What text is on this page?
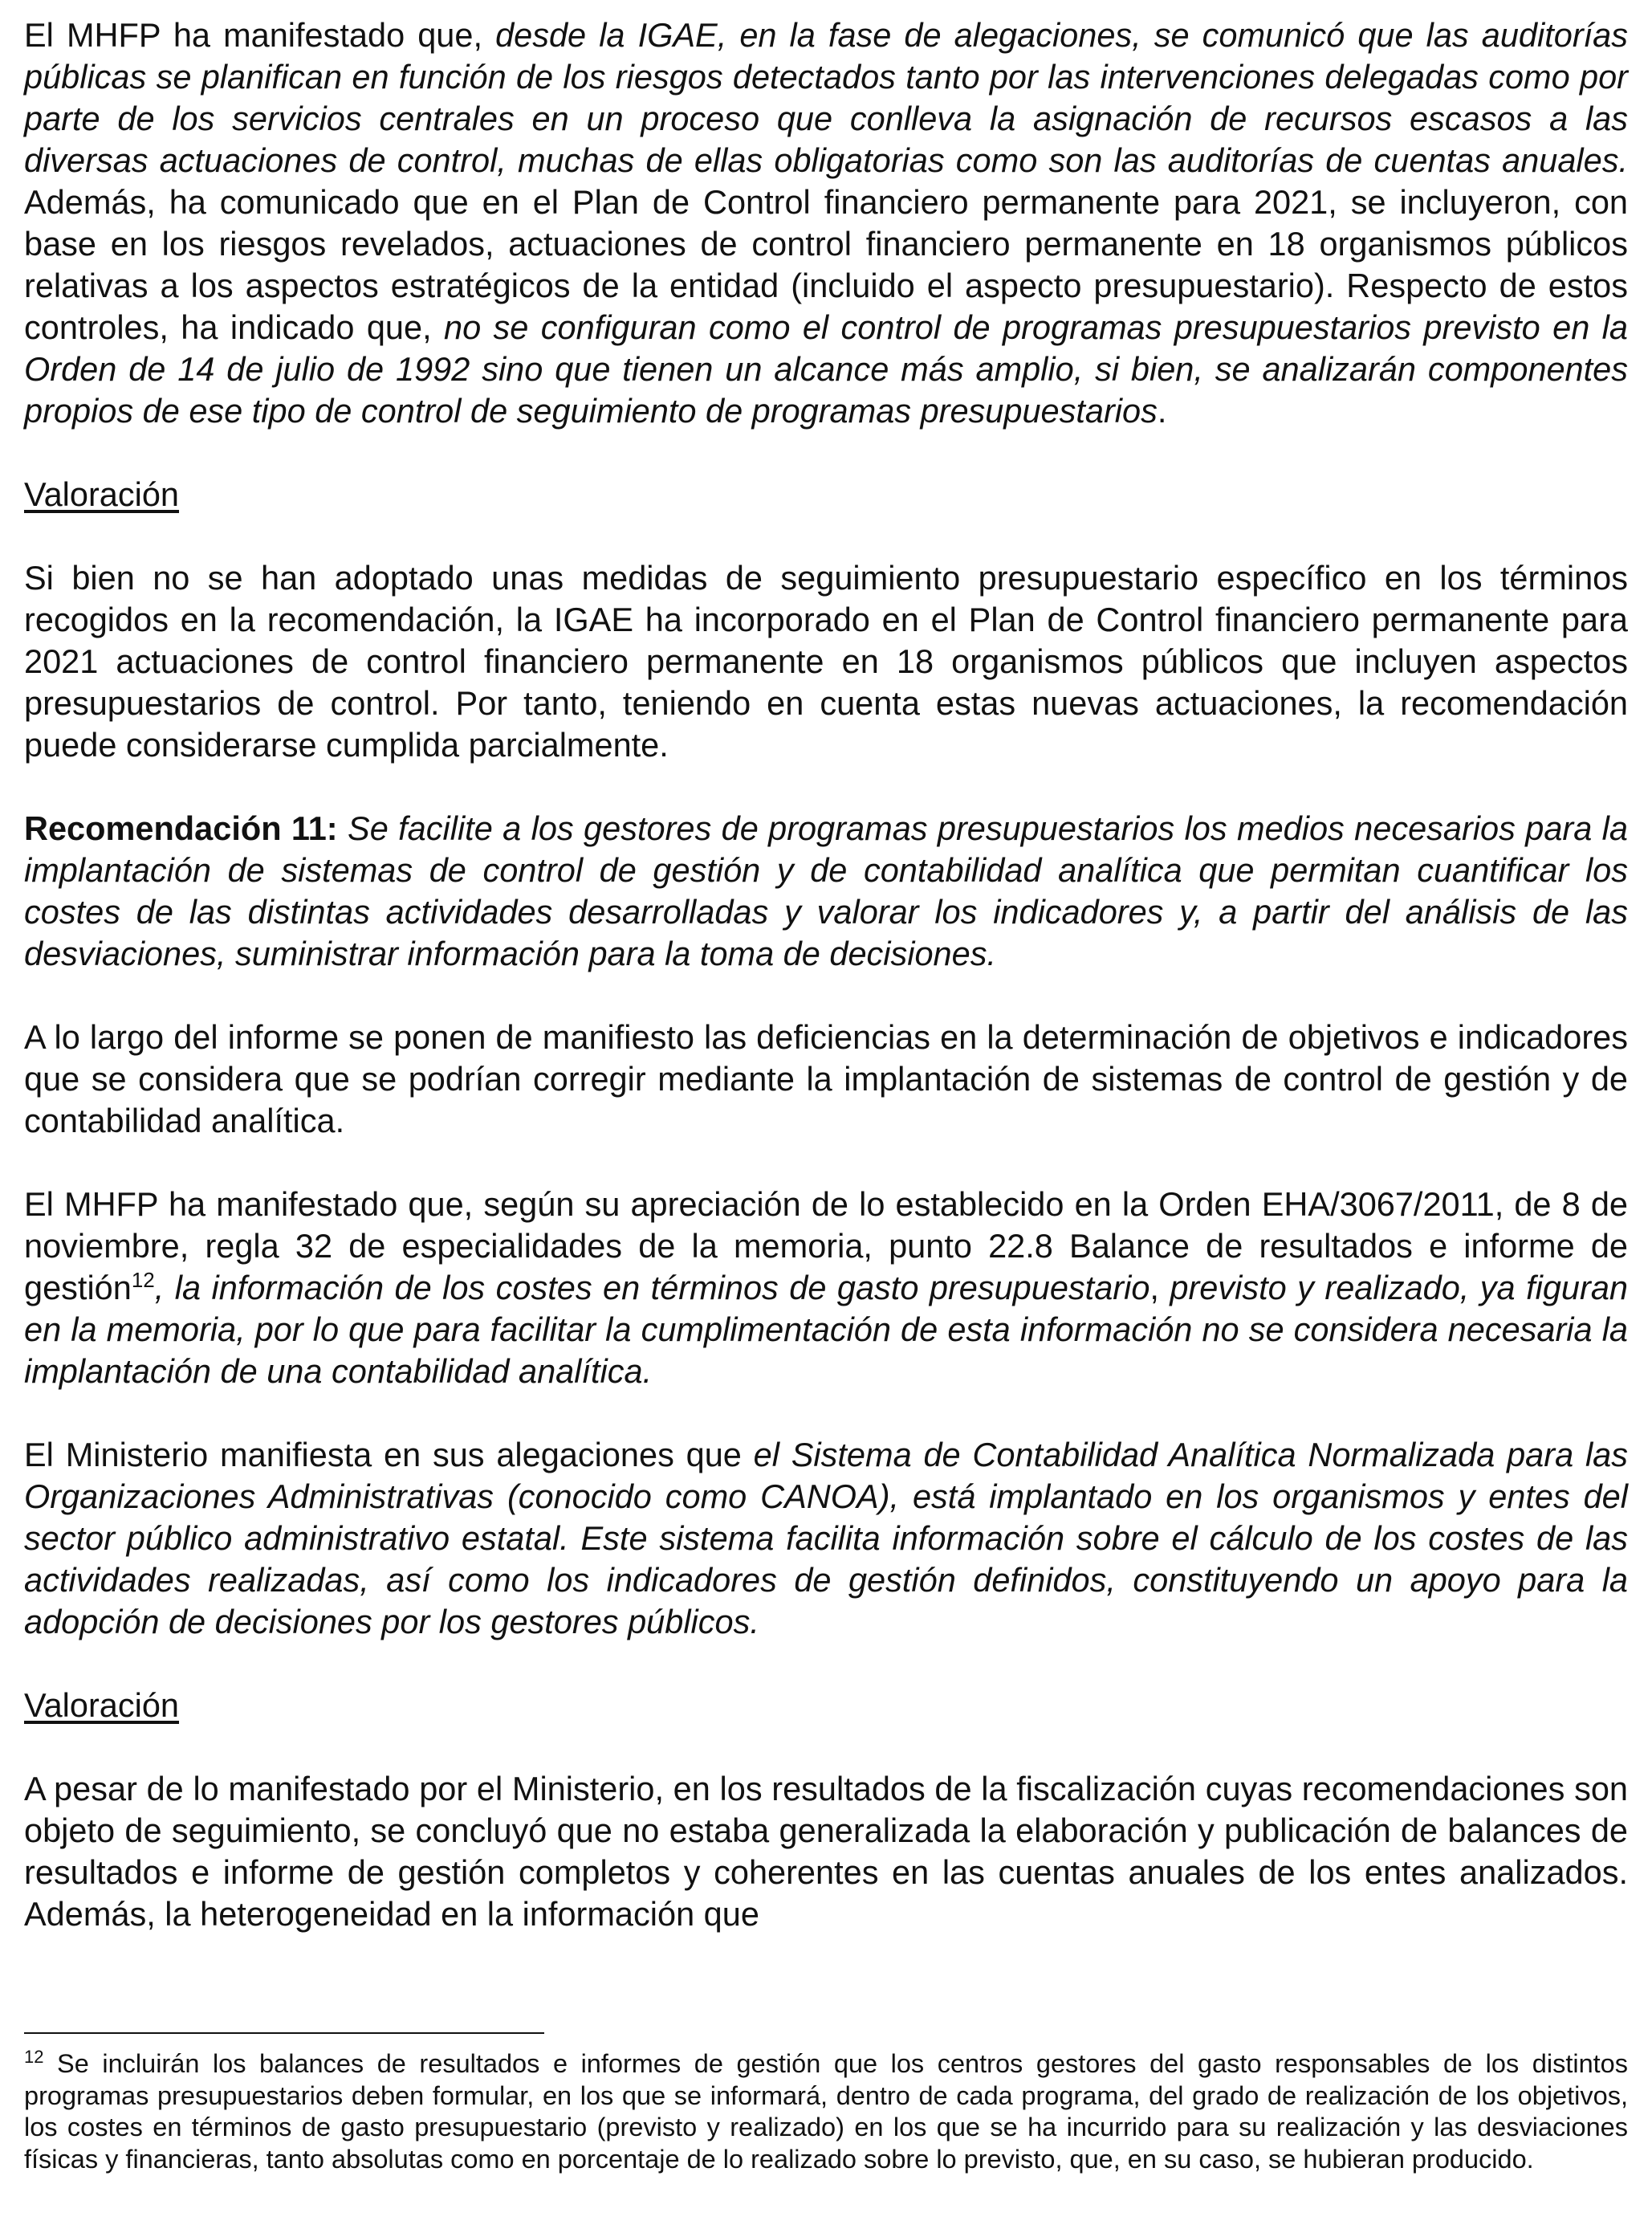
El MHFP ha manifestado que, desde la IGAE, en la fase de alegaciones, se comunicó que las auditorías públicas se planifican en función de los riesgos detectados tanto por las intervenciones delegadas como por parte de los servicios centrales en un proceso que conlleva la asignación de recursos escasos a las diversas actuaciones de control, muchas de ellas obligatorias como son las auditorías de cuentas anuales. Además, ha comunicado que en el Plan de Control financiero permanente para 2021, se incluyeron, con base en los riesgos revelados, actuaciones de control financiero permanente en 18 organismos públicos relativas a los aspectos estratégicos de la entidad (incluido el aspecto presupuestario). Respecto de estos controles, ha indicado que, no se configuran como el control de programas presupuestarios previsto en la Orden de 14 de julio de 1992 sino que tienen un alcance más amplio, si bien, se analizarán componentes propios de ese tipo de control de seguimiento de programas presupuestarios.

Valoración

Si bien no se han adoptado unas medidas de seguimiento presupuestario específico en los términos recogidos en la recomendación, la IGAE ha incorporado en el Plan de Control financiero permanente para 2021 actuaciones de control financiero permanente en 18 organismos públicos que incluyen aspectos presupuestarios de control. Por tanto, teniendo en cuenta estas nuevas actuaciones, la recomendación puede considerarse cumplida parcialmente.

Recomendación 11: Se facilite a los gestores de programas presupuestarios los medios necesarios para la implantación de sistemas de control de gestión y de contabilidad analítica que permitan cuantificar los costes de las distintas actividades desarrolladas y valorar los indicadores y, a partir del análisis de las desviaciones, suministrar información para la toma de decisiones.

A lo largo del informe se ponen de manifiesto las deficiencias en la determinación de objetivos e indicadores que se considera que se podrían corregir mediante la implantación de sistemas de control de gestión y de contabilidad analítica.

El MHFP ha manifestado que, según su apreciación de lo establecido en la Orden EHA/3067/2011, de 8 de noviembre, regla 32 de especialidades de la memoria, punto 22.8 Balance de resultados e informe de gestión$^{12}$, la información de los costes en términos de gasto presupuestario, previsto y realizado, ya figuran en la memoria, por lo que para facilitar la cumplimentación de esta información no se considera necesaria la implantación de una contabilidad analítica.

El Ministerio manifiesta en sus alegaciones que el Sistema de Contabilidad Analítica Normalizada para las Organizaciones Administrativas (conocido como CANOA), está implantado en los organismos y entes del sector público administrativo estatal. Este sistema facilita información sobre el cálculo de los costes de las actividades realizadas, así como los indicadores de gestión definidos, constituyendo un apoyo para la adopción de decisiones por los gestores públicos.

Valoración

A pesar de lo manifestado por el Ministerio, en los resultados de la fiscalización cuyas recomendaciones son objeto de seguimiento, se concluyó que no estaba generalizada la elaboración y publicación de balances de resultados e informe de gestión completos y coherentes en las cuentas anuales de los entes analizados. Además, la heterogeneidad en la información que

$^{12}$ Se incluirán los balances de resultados e informes de gestión que los centros gestores del gasto responsables de los distintos programas presupuestarios deben formular, en los que se informará, dentro de cada programa, del grado de realización de los objetivos, los costes en términos de gasto presupuestario (previsto y realizado) en los que se ha incurrido para su realización y las desviaciones físicas y financieras, tanto absolutas como en porcentaje de lo realizado sobre lo previsto, que, en su caso, se hubieran producido.
